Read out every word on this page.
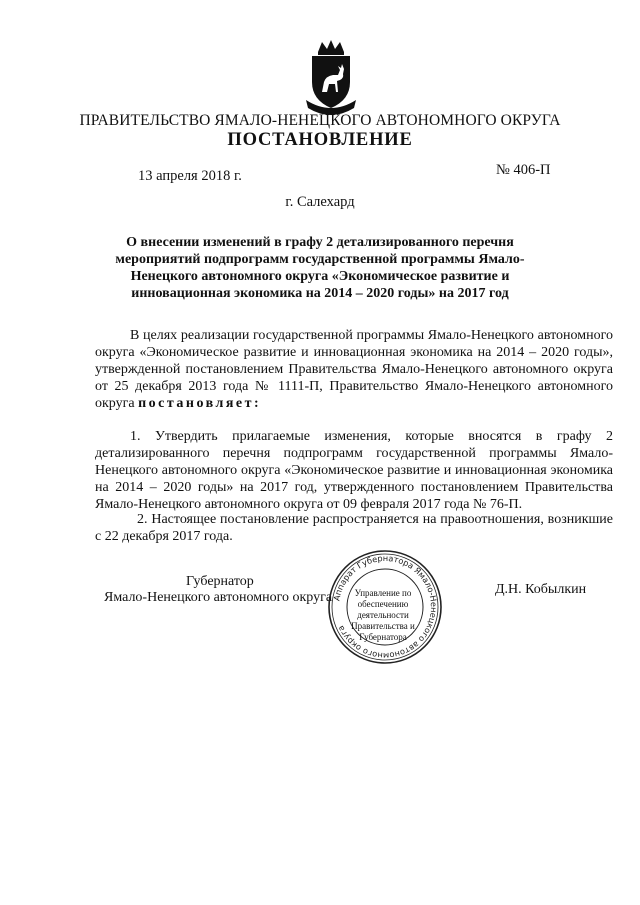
ПРАВИТЕЛЬСТВО ЯМАЛО-НЕНЕЦКОГО АВТОНОМНОГО ОКРУГА
ПОСТАНОВЛЕНИЕ
13 апреля 2018 г.	№ 406-П
г. Салехард
О внесении изменений в графу 2 детализированного перечня мероприятий подпрограмм государственной программы Ямало-Ненецкого автономного округа «Экономическое развитие и инновационная экономика на 2014 – 2020 годы» на 2017 год
В целях реализации государственной программы Ямало-Ненецкого автономного округа «Экономическое развитие и инновационная экономика на 2014 – 2020 годы», утвержденной постановлением Правительства Ямало-Ненецкого автономного округа от 25 декабря 2013 года № 1111-П, Правительство Ямало-Ненецкого автономного округа постановляет:
1. Утвердить прилагаемые изменения, которые вносятся в графу 2 детализированного перечня подпрограмм государственной программы Ямало-Ненецкого автономного округа «Экономическое развитие и инновационная экономика на 2014 – 2020 годы» на 2017 год, утвержденного постановлением Правительства Ямало-Ненецкого автономного округа от 09 февраля 2017 года № 76-П.
2. Настоящее постановление распространяется на правоотношения, возникшие с 22 декабря 2017 года.
Губернатор
Ямало-Ненецкого автономного округа
Д.Н. Кобылкин
Аппарат Губернатора Ямало-Ненецкого автономного округа
Управление по обеспечению деятельности Правительства и Губернатора
